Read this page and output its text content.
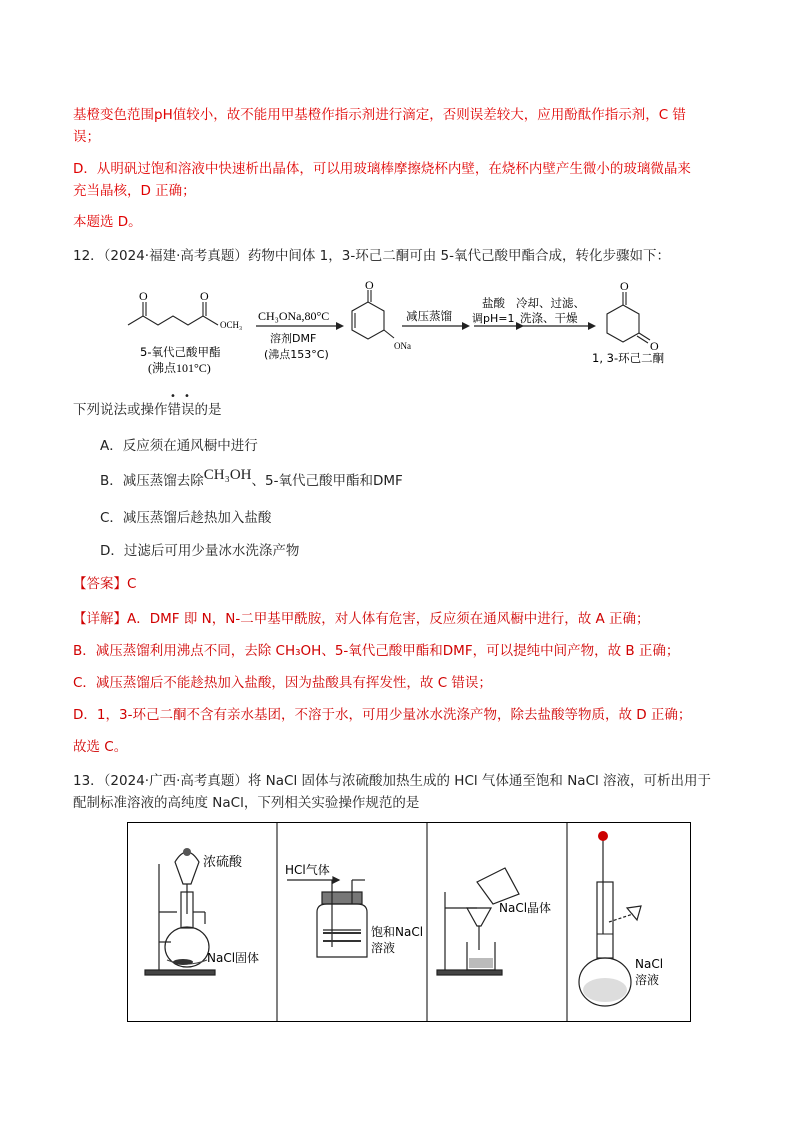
基橙变色范围pH值较小，故不能用甲基橙作指示剂进行滴定，否则误差较大，应用酚酞作指示剂，C 错

误；

D．从明矾过饱和溶液中快速析出晶体，可以用玻璃棒摩擦烧杯内壁，在烧杯内壁产生微小的玻璃微晶来

充当晶核，D 正确；

本题选 D。

12．（2024·福建·高考真题）药物中间体 1，3-环己二酮可由 5-氧代己酸甲酯合成，转化步骤如下：

O	O
OCH₃
5-氧代己酸甲酯
(沸点101°C)
CH₃ONa,80°C
溶剂DMF
(沸点153°C)
O
ONa
减压蒸馏
盐酸
调pH=1
冷却、过滤、
洗涤、干燥
O
O
1, 3-环己二酮
• •

下列说法或操作错误的是

A．反应须在通风橱中进行
B．减压蒸馏去除CH₃OH、5-氧代己酸甲酯和DMF
C．减压蒸馏后趁热加入盐酸
D．过滤后可用少量冰水洗涤产物

【答案】C

【详解】A．DMF 即 N，N-二甲基甲酰胺，对人体有危害，反应须在通风橱中进行，故 A 正确；

B．减压蒸馏利用沸点不同，去除 CH₃OH、5-氧代己酸甲酯和DMF，可以提纯中间产物，故 B 正确；

C．减压蒸馏后不能趁热加入盐酸，因为盐酸具有挥发性，故 C 错误；

D．1，3-环己二酮不含有亲水基团，不溶于水，可用少量冰水洗涤产物，除去盐酸等物质，故 D 正确；

故选 C。

13．（2024·广西·高考真题）将 NaCl 固体与浓硫酸加热生成的 HCl 气体通至饱和 NaCl 溶液，可析出用于

配制标准溶液的高纯度 NaCl，下列相关实验操作规范的是

浓硫酸
NaCl固体
HCl气体
饱和NaCl
溶液
NaCl晶体
NaCl
溶液
